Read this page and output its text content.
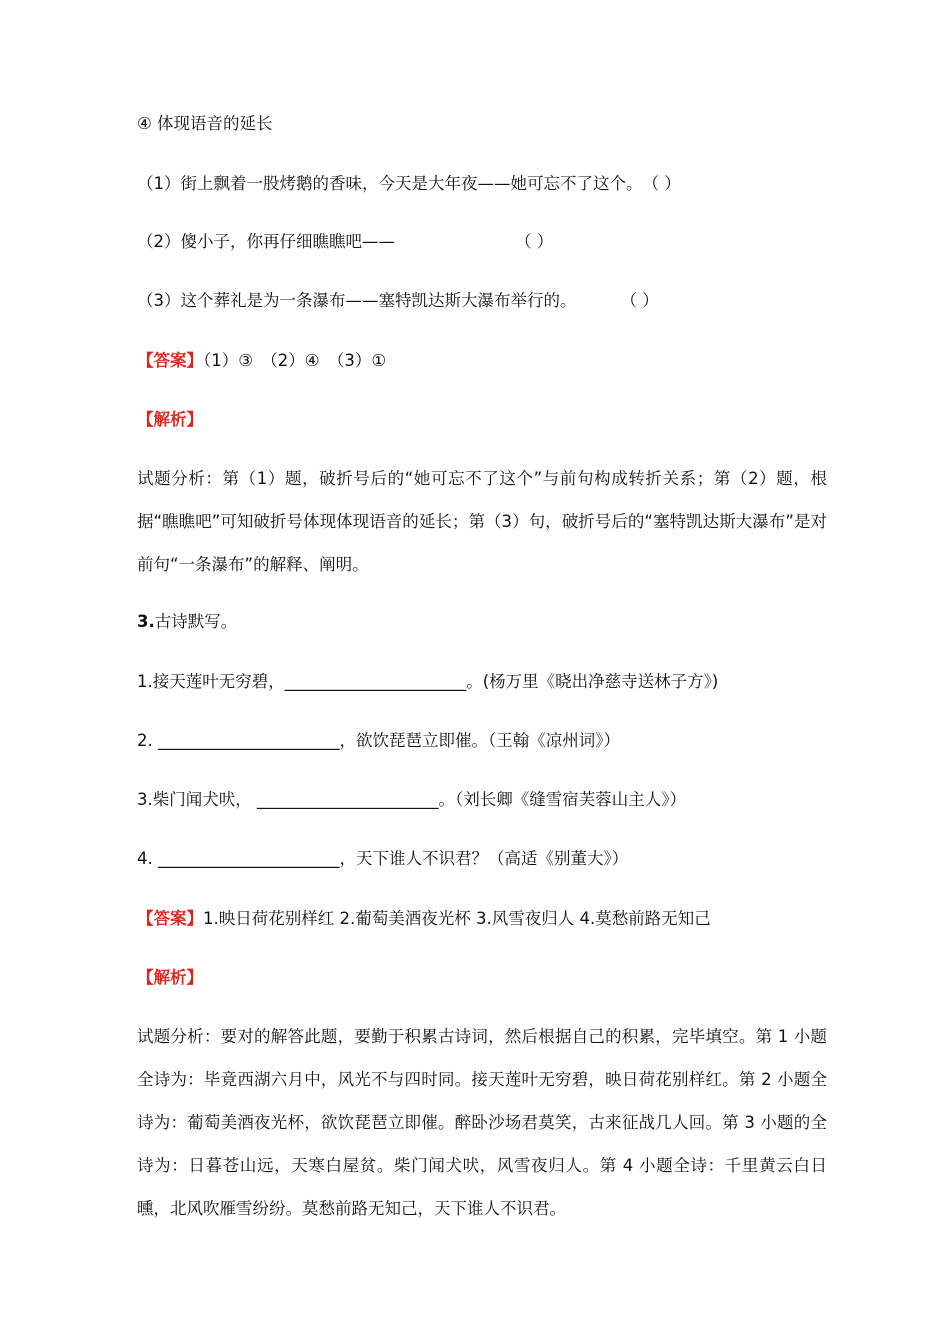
④ 体现语音的延长
（1）街上飘着一股烤鹅的香味，今天是大年夜——她可忘不了这个。　（ ）
（2）傻小子，你再仔细瞧瞧吧——	（ ）
（3）这个葬礼是为一条瀑布——塞特凯达斯大瀑布举行的。	（ ）
【答案】（1）③　（2）④　（3）①
【解析】
试题分析：第（1）题，破折号后的“她可忘不了这个”与前句构成转折关系；第（2）题，根据“瞧瞧吧”可知破折号体现体现语音的延长；第（3）句，破折号后的“塞特凯达斯大瀑布”是对前句“一条瀑布”的解释、阐明。
3.古诗默写。
1.接天莲叶无穷碧，______________________。(杨万里《晓出净慈寺送林子方》)
2. ______________________，欲饮琵琶立即催。（王翰《凉州词》）
3.柴门闻犬吠， ______________________。（刘长卿《缝雪宿芙蓉山主人》）
4. ______________________，天下谁人不识君？（高适《别董大》）
【答案】1.映日荷花别样红 2.葡萄美酒夜光杯 3.风雪夜归人 4.莫愁前路无知己
【解析】
试题分析：要对的解答此题，要勤于积累古诗词，然后根据自己的积累，完毕填空。第 1 小题全诗为：毕竟西湖六月中，风光不与四时同。接天莲叶无穷碧，映日荷花别样红。第 2 小题全诗为：葡萄美酒夜光杯，欲饮琵琶立即催。醉卧沙场君莫笑，古来征战几人回。第 3 小题的全诗为：日暮苍山远，天寒白屋贫。柴门闻犬吠，风雪夜归人。第 4 小题全诗：千里黄云白日曛，北风吹雁雪纷纷。莫愁前路无知己，天下谁人不识君。
